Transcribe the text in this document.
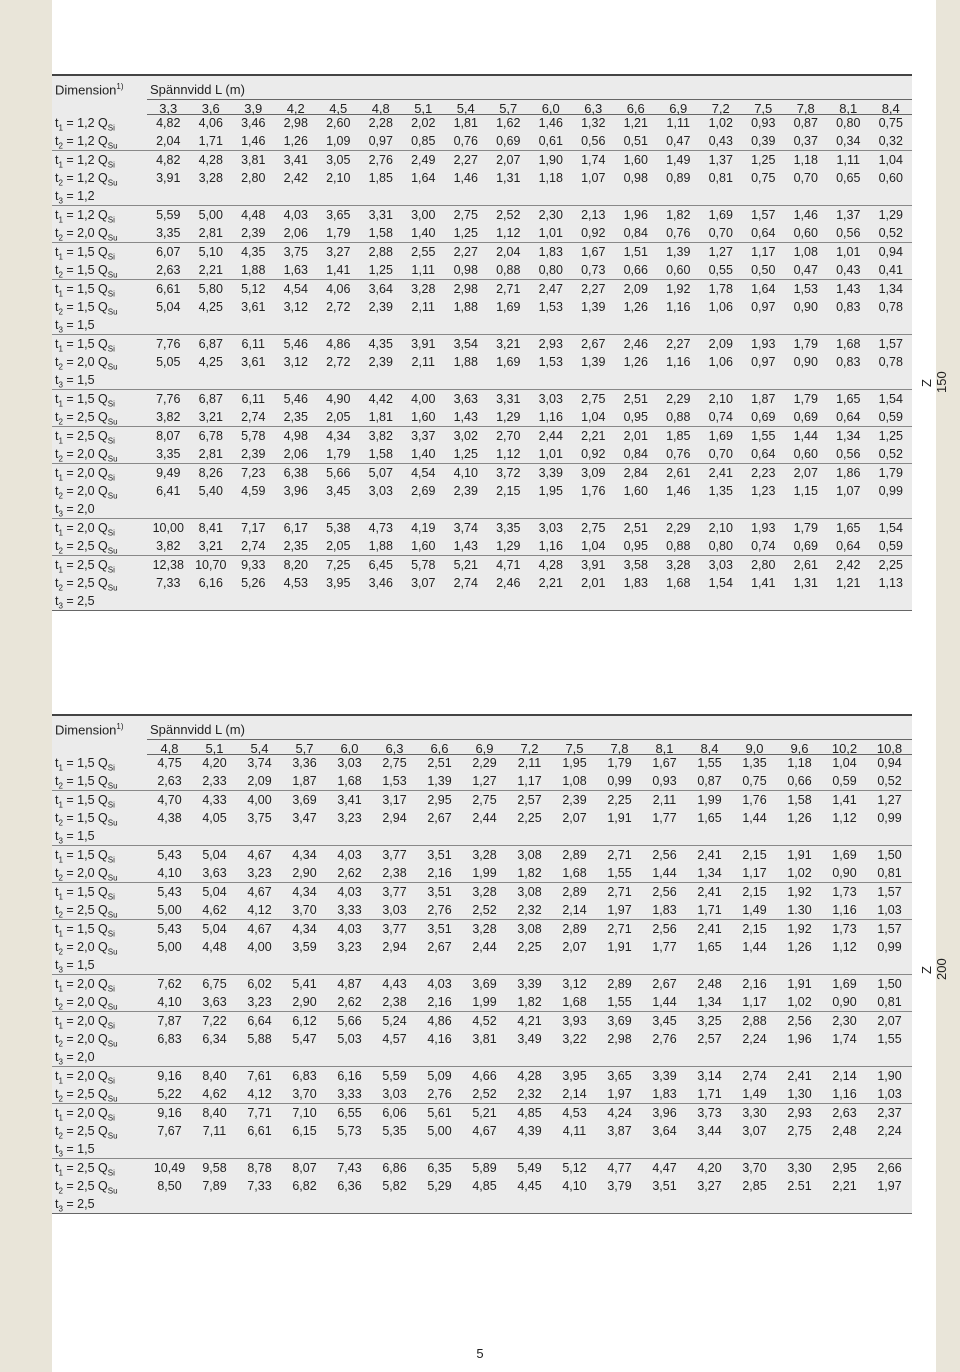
Dimension$^{1)}$ Spännvidd L (m)
3,3	3,6	3,9	4,2	4,5	4,8	5,1	5,4	5,7	6,0	6,3	6,6	6,9	7,2	7,5	7,8	8,1	8,4
$t_1 = 1,2$ $Q_{Si}$	4,82	4,06	3,46	2,98	2,60	2,28	2,02	1,81	1,62	1,46	1,32	1,21	1,11	1,02	0,93	0,87	0,80	0,75
$t_2 = 1,2$ $Q_{Su}$	2,04	1,71	1,46	1,26	1,09	0,97	0,85	0,76	0,69	0,61	0,56	0,51	0,47	0,43	0,39	0,37	0,34	0,32
$t_1 = 1,2$ $Q_{Si}$	4,82	4,28	3,81	3,41	3,05	2,76	2,49	2,27	2,07	1,90	1,74	1,60	1,49	1,37	1,25	1,18	1,11	1,04
$t_2 = 1,2$ $Q_{Su}$	3,91	3,28	2,80	2,42	2,10	1,85	1,64	1,46	1,31	1,18	1,07	0,98	0,89	0,81	0,75	0,70	0,65	0,60
$t_3 = 1,2$
$t_1 = 1,2$ $Q_{Si}$	5,59	5,00	4,48	4,03	3,65	3,31	3,00	2,75	2,52	2,30	2,13	1,96	1,82	1,69	1,57	1,46	1,37	1,29
$t_2 = 2,0$ $Q_{Su}$	3,35	2,81	2,39	2,06	1,79	1,58	1,40	1,25	1,12	1,01	0,92	0,84	0,76	0,70	0,64	0,60	0,56	0,52
$t_1 = 1,5$ $Q_{Si}$	6,07	5,10	4,35	3,75	3,27	2,88	2,55	2,27	2,04	1,83	1,67	1,51	1,39	1,27	1,17	1,08	1,01	0,94
$t_2 = 1,5$ $Q_{Su}$	2,63	2,21	1,88	1,63	1,41	1,25	1,11	0,98	0,88	0,80	0,73	0,66	0,60	0,55	0,50	0,47	0,43	0,41
$t_1 = 1,5$ $Q_{Si}$	6,61	5,80	5,12	4,54	4,06	3,64	3,28	2,98	2,71	2,47	2,27	2,09	1,92	1,78	1,64	1,53	1,43	1,34
$t_2 = 1,5$ $Q_{Su}$	5,04	4,25	3,61	3,12	2,72	2,39	2,11	1,88	1,69	1,53	1,39	1,26	1,16	1,06	0,97	0,90	0,83	0,78
$t_3 = 1,5$
$t_1 = 1,5$ $Q_{Si}$	7,76	6,87	6,11	5,46	4,86	4,35	3,91	3,54	3,21	2,93	2,67	2,46	2,27	2,09	1,93	1,79	1,68	1,57
$t_2 = 2,0$ $Q_{Su}$	5,05	4,25	3,61	3,12	2,72	2,39	2,11	1,88	1,69	1,53	1,39	1,26	1,16	1,06	0,97	0,90	0,83	0,78
$t_3 = 1,5$
$t_1 = 1,5$ $Q_{Si}$	7,76	6,87	6,11	5,46	4,90	4,42	4,00	3,63	3,31	3,03	2,75	2,51	2,29	2,10	1,87	1,79	1,65	1,54
$t_2 = 2,5$ $Q_{Su}$	3,82	3,21	2,74	2,35	2,05	1,81	1,60	1,43	1,29	1,16	1,04	0,95	0,88	0,74	0,69	0,69	0,64	0,59
$t_1 = 2,5$ $Q_{Si}$	8,07	6,78	5,78	4,98	4,34	3,82	3,37	3,02	2,70	2,44	2,21	2,01	1,85	1,69	1,55	1,44	1,34	1,25
$t_2 = 2,0$ $Q_{Su}$	3,35	2,81	2,39	2,06	1,79	1,58	1,40	1,25	1,12	1,01	0,92	0,84	0,76	0,70	0,64	0,60	0,56	0,52
$t_1 = 2,0$ $Q_{Si}$	9,49	8,26	7,23	6,38	5,66	5,07	4,54	4,10	3,72	3,39	3,09	2,84	2,61	2,41	2,23	2,07	1,86	1,79
$t_2 = 2,0$ $Q_{Su}$	6,41	5,40	4,59	3,96	3,45	3,03	2,69	2,39	2,15	1,95	1,76	1,60	1,46	1,35	1,23	1,15	1,07	0,99
$t_3 = 2,0$
$t_1 = 2,0$ $Q_{Si}$	10,00	8,41	7,17	6,17	5,38	4,73	4,19	3,74	3,35	3,03	2,75	2,51	2,29	2,10	1,93	1,79	1,65	1,54
$t_2 = 2,5$ $Q_{Su}$	3,82	3,21	2,74	2,35	2,05	1,88	1,60	1,43	1,29	1,16	1,04	0,95	0,88	0,80	0,74	0,69	0,64	0,59
$t_1 = 2,5$ $Q_{Si}$	12,38 10,70	9,33	8,20	7,25	6,45	5,78	5,21	4,71	4,28	3,91	3,58	3,28	3,03	2,80	2,61	2,42	2,25
$t_2 = 2,5$ $Q_{Su}$	7,33	6,16	5,26	4,53	3,95	3,46	3,07	2,74	2,46	2,21	2,01	1,83	1,68	1,54	1,41	1,31	1,21	1,13
$t_3 = 2,5$
Z 150
Dimension$^{1)}$ Spännvidd L (m)
4,8	5,1	5,4	5,7	6,0	6,3	6,6	6,9	7,2	7,5	7,8	8,1	8,4	9,0	9,6	10,2	10,8
$t_1 = 1,5$ $Q_{Si}$	4,75	4,20	3,74	3,36	3,03	2,75	2,51	2,29	2,11	1,95	1,79	1,67	1,55	1,35	1,18	1,04	0,94
$t_2 = 1,5$ $Q_{Su}$	2,63	2,33	2,09	1,87	1,68	1,53	1,39	1,27	1,17	1,08	0,99	0,93	0,87	0,75	0,66	0,59	0,52
$t_1 = 1,5$ $Q_{Si}$	4,70	4,33	4,00	3,69	3,41	3,17	2,95	2,75	2,57	2,39	2,25	2,11	1,99	1,76	1,58	1,41	1,27
$t_2 = 1,5$ $Q_{Su}$	4,38	4,05	3,75	3,47	3,23	2,94	2,67	2,44	2,25	2,07	1,91	1,77	1,65	1,44	1,26	1,12	0,99
$t_3 = 1,5$
$t_1 = 1,5$ $Q_{Si}$	5,43	5,04	4,67	4,34	4,03	3,77	3,51	3,28	3,08	2,89	2,71	2,56	2,41	2,15	1,91	1,69	1,50
$t_2 = 2,0$ $Q_{Su}$	4,10	3,63	3,23	2,90	2,62	2,38	2,16	1,99	1,82	1,68	1,55	1,44	1,34	1,17	1,02	0,90	0,81
$t_1 = 1,5$ $Q_{Si}$	5,43	5,04	4,67	4,34	4,03	3,77	3,51	3,28	3,08	2,89	2,71	2,56	2,41	2,15	1,92	1,73	1,57
$t_2 = 2,5$ $Q_{Su}$	5,00	4,62	4,12	3,70	3,33	3,03	2,76	2,52	2,32	2,14	1,97	1,83	1,71	1,49	1.30	1,16	1,03
$t_1 = 1,5$ $Q_{Si}$	5,43	5,04	4,67	4,34	4,03	3,77	3,51	3,28	3,08	2,89	2,71	2,56	2,41	2,15	1,92	1,73	1,57
$t_2 = 2,0$ $Q_{Su}$	5,00	4,48	4,00	3,59	3,23	2,94	2,67	2,44	2,25	2,07	1,91	1,77	1,65	1,44	1,26	1,12	0,99
$t_3 = 1,5$
$t_1 = 2,0$ $Q_{Si}$	7,62	6,75	6,02	5,41	4,87	4,43	4,03	3,69	3,39	3,12	2,89	2,67	2,48	2,16	1,91	1,69	1,50
$t_2 = 2,0$ $Q_{Su}$	4,10	3,63	3,23	2,90	2,62	2,38	2,16	1,99	1,82	1,68	1,55	1,44	1,34	1,17	1,02	0,90	0,81
$t_1 = 2,0$ $Q_{Si}$	7,87	7,22	6,64	6,12	5,66	5,24	4,86	4,52	4,21	3,93	3,69	3,45	3,25	2,88	2,56	2,30	2,07
$t_2 = 2,0$ $Q_{Su}$	6,83	6,34	5,88	5,47	5,03	4,57	4,16	3,81	3,49	3,22	2,98	2,76	2,57	2,24	1,96	1,74	1,55
$t_3 = 2,0$
$t_1 = 2,0$ $Q_{Si}$	9,16	8,40	7,61	6,83	6,16	5,59	5,09	4,66	4,28	3,95	3,65	3,39	3,14	2,74	2,41	2,14	1,90
$t_2 = 2,5$ $Q_{Su}$	5,22	4,62	4,12	3,70	3,33	3,03	2,76	2,52	2,32	2,14	1,97	1,83	1,71	1,49	1,30	1,16	1,03
$t_1 = 2,0$ $Q_{Si}$	9,16	8,40	7,71	7,10	6,55	6,06	5,61	5,21	4,85	4,53	4,24	3,96	3,73	3,30	2,93	2,63	2,37
$t_2 = 2,5$ $Q_{Su}$	7,67	7,11	6,61	6,15	5,73	5,35	5,00	4,67	4,39	4,11	3,87	3,64	3,44	3,07	2,75	2,48	2,24
$t_3 = 1,5$
$t_1 = 2,5$ $Q_{Si}$	10,49	9,58	8,78	8,07	7,43	6,86	6,35	5,89	5,49	5,12	4,77	4,47	4,20	3,70	3,30	2,95	2,66
$t_2 = 2,5$ $Q_{Su}$	8,50	7,89	7,33	6,82	6,36	5,82	5,29	4,85	4,45	4,10	3,79	3,51	3,27	2,85	2.51	2,21	1,97
$t_3 = 2,5$
Z 200
5
